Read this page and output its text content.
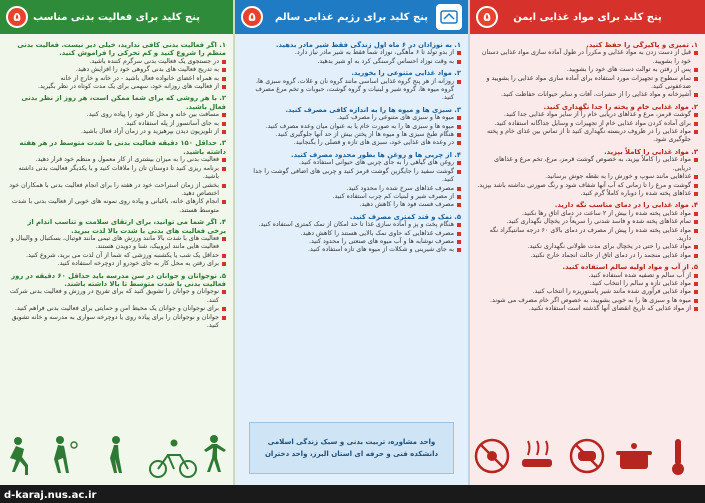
۵	پنج کلید برای فعالیت بدنی مناسب
۱. اگر فعالیت بدنی کافی ندارید، خیلی دیر نیست. فعالیت بدنی منظم را شروع کنید و کم تحرکی را فراموش کنید.
در جستجوی یک فعالیت بدنی سرگرم کننده باشید.
به تدریج فعالیت های بدنی گروهی خود را افزایش دهید.
به همراه اعضای خانواده فعال باشید - در خانه و خارج از خانه
از فعالیت های روزانه خود، سهمی برای یک مدت کوتاه در نظر بگیرید.
۲. با هر روشی که برای شما ممکن است، هر روز از نظر بدنی فعال باشید.
مسافت بین خانه و محل کار خود را پیاده روی کنید.
به جای آسانسور از پله استفاده کنید.
از تلویزیون دیدن بپرهیزید و در زمان آزاد فعال باشید.
۳. حداقل ۱۵۰ دقیقه فعالیت بدنی با شدت متوسط در هر هفته داشته باشید.
فعالیت بدنی را به میزان بیشتری از کار معمول و منظم خود قرار دهید.
برنامه ریزی کنید تا دوستان تان را ملاقات کنید و با یکدیگر فعالیت بدنی داشته باشید.
بخشی از زمان استراحت خود در هفته را برای انجام فعالیت بدنی با همکاران خود اختصاص دهید.
انجام کارهای خانه، باغبانی و پیاده روی نمونه های خوبی از فعالیت بدنی با شدت متوسط هستند.
۴. اگر شما می توانید، برای ارتقای سلامت و تناسب اندام از برخی فعالیت های بدنی با شدت بالا لذت ببرید.
فعالیت های با شدت بالا مانند ورزش های تیمی مانند فوتبال، بسکتبال و والیبال و فعالیت هایی مانند ایروبیک، شنا و دویدن هستند.
حداقل یک شب یا یکشنبه ورزشی که شما از آن لذت می برید، شروع کنید.
برای رفتن به محل کار به جای خودرو از دوچرخه استفاده کنید.
۵. نوجوانان و جوانان در سن مدرسه باید حداقل ۶۰ دقیقه در روز فعالیت بدنی با شدت متوسط تا بالا داشته باشند.
نوجوانان و جوانان را تشویق کنید که برای تفریح در ورزش و فعالیت بدنی شرکت کنند.
برای نوجوانان و جوانان یک محیط امن و حمایتی برای فعالیت بدنی فراهم کنید.
جوانان و نوجوانان را برای پیاده روی یا دوچرخه سواری به مدرسه و خانه تشویق کنید.
۵	پنج کلید برای رژیم غذایی سالم
۱. به نوزادان در ۶ ماه اول زندگی فقط شیر مادر بدهید.
از بدو تولد تا ۶ ماهگی، نوزاد شما فقط به شیر مادر نیاز دارد.
به وقت نوزاد احساس گرسنگی کرد به او شیر بدهید.
۲. مواد غذایی متنوعی را بخورید.
روزانه از هر پنج گروه غذایی اساسی مانند گروه نان و غلات، گروه سبزی ها، گروه میوه ها، گروه شیر و لبنیات و گروه گوشت، حبوبات و تخم مرغ مصرف کنید.
۳. سبزی ها و میوه ها را به اندازه کافی مصرف کنید.
میوه ها و سبزی های متنوعی را مصرف کنید.
میوه ها و سبزی ها را به صورت خام یا به عنوان میان وعده مصرف کنید.
هنگام طبخ سبزی ها و میوه ها از پختن بیش از حد آنها جلوگیری کنید.
در وعده های غذایی خود، سبزی های تازه و فصلی را بگنجانید.
۴. از چربی ها و روغن ها بطور محدود مصرف کنید.
روغن های گیاهی را به جای چربی های حیوانی استفاده کنید.
گوشت سفید را جایگزین گوشت قرمز کنید و چربی های اضافی گوشت را جدا کنید.
مصرف غذاهای سرخ شده را محدود کنید.
از مصرف شیر و لبنیات کم چرب استفاده کنید.
مصرف فست فود ها را کاهش دهید.
۵. نمک و قند کمتری مصرف کنید.
هنگام پخت و پز و آماده سازی غذا تا حد امکان از نمک کمتری استفاده کنید.
مصرف غذاهایی که حاوی نمک بالایی هستند را کاهش دهید.
مصرف نوشابه ها و آب میوه های صنعتی را محدود کنید.
به جای شیرینی و شکلات از میوه های تازه استفاده کنید.
واحد مشاوره، تربیت بدنی و سبک زندگی اسلامی
دانشکده فنی و حرفه ای استان البرز، واحد دختران
۵	پنج کلید برای مواد غذایی ایمن
۱. تمیزی و پاکیزگی را حفظ کنید.
قبل از دست زدن به مواد غذایی و مکرراً در طول آماده سازی مواد غذایی دستان خود را بشویید.
پس از رفتن به توالت دست های خود را بشویید.
تمام سطوح و تجهیزات مورد استفاده برای آماده سازی مواد غذایی را بشویید و ضدعفونی کنید.
آشپزخانه و مواد غذایی را از حشرات، آفات و سایر حیوانات حفاظت کنید.
۲. مواد غذایی خام و پخته را جدا نگهداری کنید.
گوشت قرمز، مرغ و غذاهای دریایی خام را از سایر مواد غذایی جدا کنید.
برای آماده کردن مواد غذایی خام از تجهیزات و وسایل جداگانه استفاده کنید.
مواد غذایی را در ظروف دربسته نگهداری کنید تا از تماس بین غذای خام و پخته جلوگیری شود.
۳. مواد غذایی را کاملاً بپزید.
مواد غذایی را کاملاً بپزید، به خصوص گوشت قرمز، مرغ، تخم مرغ و غذاهای دریایی.
غذاهایی مانند سوپ و خورش را به نقطه جوش برسانید.
گوشت و مرغ را تا زمانی که آب آنها شفاف شود و رنگ صورتی نداشته باشد بپزید.
غذاهای پخته شده را دوباره کاملاً گرم کنید.
۴. مواد غذایی را در دمای مناسب نگه دارید.
مواد غذایی پخته شده را بیش از ۲ ساعت در دمای اتاق رها نکنید.
تمام غذاهای پخته شده و فاسد شدنی را سریعاً در یخچال نگهداری کنید.
مواد غذایی پخته شده را پیش از مصرف در دمای بالای ۶۰ درجه سانتیگراد نگه دارید.
مواد غذایی را حتی در یخچال برای مدت طولانی نگهداری نکنید.
مواد غذایی منجمد را در دمای اتاق از حالت انجماد خارج نکنید.
۵. از آب و مواد اولیه سالم استفاده کنید.
از آب سالم و تصفیه شده استفاده کنید.
مواد غذایی تازه و سالم را انتخاب کنید.
مواد غذایی فرآوری شده مانند شیر پاستوریزه را انتخاب کنید.
میوه ها و سبزی ها را به خوبی بشویید، به خصوص اگر خام مصرف می شوند.
از مواد غذایی که تاریخ انقضای آنها گذشته است استفاده نکنید.
d-karaj.nus.ac.ir
